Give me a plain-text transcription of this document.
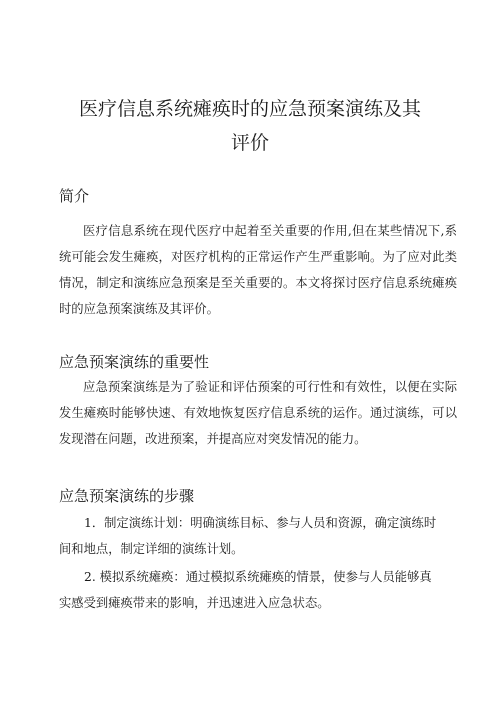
医疗信息系统瘫痪时的应急预案演练及其
评价
简介

医疗信息系统在现代医疗中起着至关重要的作用,但在某些情况下,系统可能会发生瘫痪，对医疗机构的正常运作产生严重影响。为了应对此类情况，制定和演练应急预案是至关重要的。本文将探讨医疗信息系统瘫痪时的应急预案演练及其评价。

应急预案演练的重要性

应急预案演练是为了验证和评估预案的可行性和有效性，以便在实际发生瘫痪时能够快速、有效地恢复医疗信息系统的运作。通过演练，可以发现潜在问题，改进预案，并提高应对突发情况的能力。

应急预案演练的步骤

1．制定演练计划：明确演练目标、参与人员和资源，确定演练时

间和地点，制定详细的演练计划。

2. 模拟系统瘫痪：通过模拟系统瘫痪的情景，使参与人员能够真

实感受到瘫痪带来的影响，并迅速进入应急状态。
